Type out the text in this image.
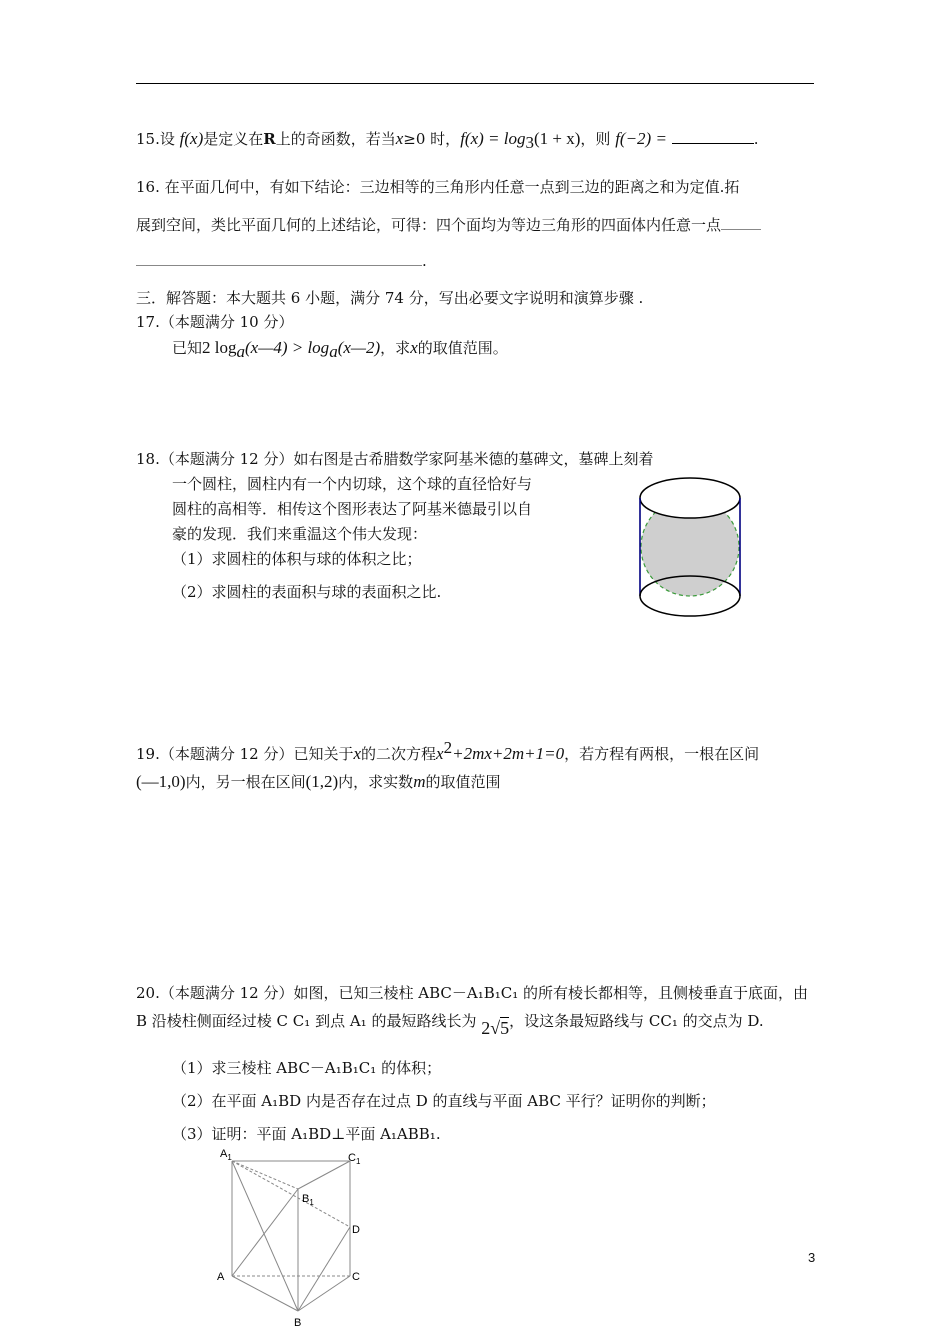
15.设 f(x)是定义在R上的奇函数，若当x≥0 时，$f(x) = \log_3(1 + x)$，则 f(−2) =	.
16. 在平面几何中，有如下结论：三边相等的三角形内任意一点到三边的距离之和为定值.拓
展到空间，类比平面几何的上述结论，可得：四个面均为等边三角形的四面体内任意一点
.
三．解答题：本大题共 6 小题，满分 74 分，写出必要文字说明和演算步骤 .
17.（本题满分 10 分）
已知2 $\log_a(x—4)$ > $\log_a(x—2)$，求x的取值范围。
18.（本题满分 12 分）如右图是古希腊数学家阿基米德的墓碑文，墓碑上刻着
一个圆柱，圆柱内有一个内切球，这个球的直径恰好与
圆柱的高相等．相传这个图形表达了阿基米德最引以自
豪的发现．我们来重温这个伟大发现：
（1）求圆柱的体积与球的体积之比；
（2）求圆柱的表面积与球的表面积之比.
19.（本题满分 12 分）已知关于x的二次方程$x^2+2mx+2m+1=0$，若方程有两根，一根在区间
(—1,0)内，另一根在区间(1,2)内，求实数m的取值范围
20.（本题满分 12 分）如图，已知三棱柱 ABC－A₁B₁C₁ 的所有棱长都相等，且侧棱垂直于底面，由
B 沿棱柱侧面经过棱 C C₁ 到点 A₁ 的最短路线长为 2√5，设这条最短路线与 CC₁ 的交点为 D.
（1）求三棱柱 ABC－A₁B₁C₁ 的体积；
（2）在平面 A₁BD 内是否存在过点 D 的直线与平面 ABC 平行？证明你的判断；
（3）证明：平面 A₁BD⊥平面 A₁ABB₁.
$A_1$	$C_1$
$B_1$
D
A	C
B
3
